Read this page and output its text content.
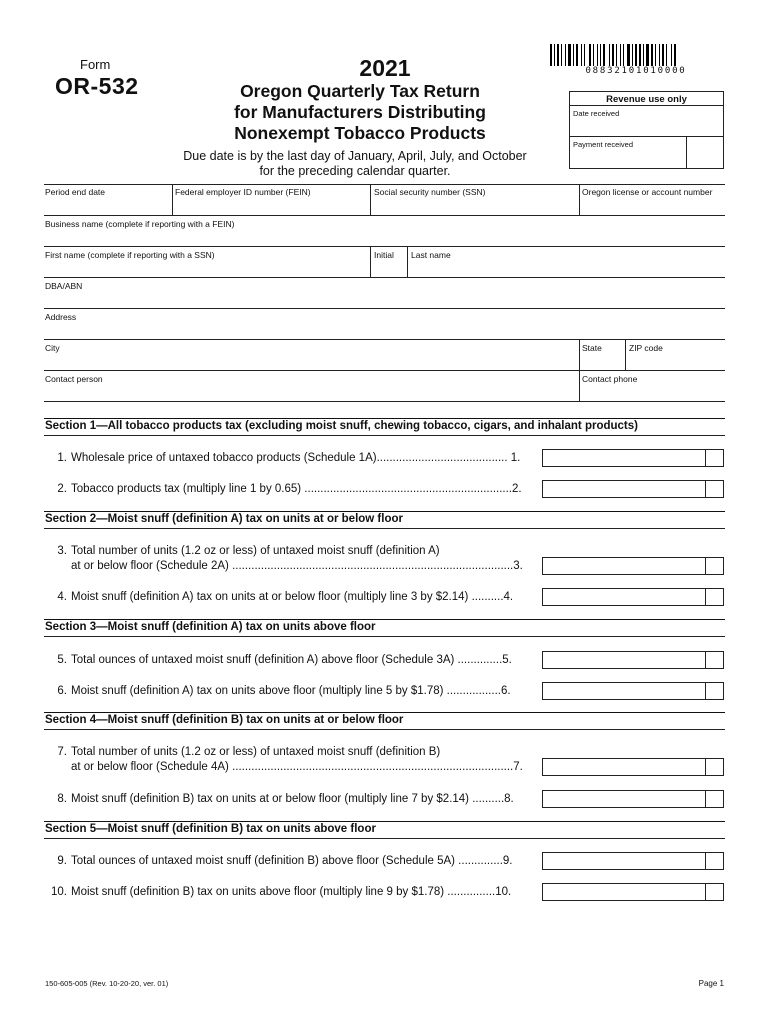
Form
OR-532
2021
Oregon Quarterly Tax Return
for Manufacturers Distributing
Nonexempt Tobacco Products
Due date is by the last day of January, April, July, and October
for the preceding calendar quarter.
08832101010000
Revenue use only
Date received
Payment received
Period end date	Federal employer ID number (FEIN)	Social security number (SSN)	Oregon license or account number
Business name (complete if reporting with a FEIN)
First name (complete if reporting with a SSN)	Initial Last name
DBA/ABN
Address
City	State	ZIP code
Contact person	Contact phone
Section 1—All tobacco products tax (excluding moist snuff, chewing tobacco, cigars, and inhalant products)
1. Wholesale price of untaxed tobacco products (Schedule 1A)......................................... 1.
2. Tobacco products tax (multiply line 1 by 0.65) .................................................................2.
Section 2—Moist snuff (definition A) tax on units at or below floor
3. Total number of units (1.2 oz or less) of untaxed moist snuff (definition A)
at or below floor (Schedule 2A) ........................................................................................3.
4. Moist snuff (definition A) tax on units at or below floor (multiply line 3 by $2.14) ..........4.
Section 3—Moist snuff (definition A) tax on units above floor
5. Total ounces of untaxed moist snuff (definition A) above floor (Schedule 3A) ..............5.
6. Moist snuff (definition A) tax on units above floor (multiply line 5 by $1.78) .................6.
Section 4—Moist snuff (definition B) tax on units at or below floor
7. Total number of units (1.2 oz or less) of untaxed moist snuff (definition B)
at or below floor (Schedule 4A) ........................................................................................7.
8. Moist snuff (definition B) tax on units at or below floor (multiply line 7 by $2.14) ..........8.
Section 5—Moist snuff (definition B) tax on units above floor
9. Total ounces of untaxed moist snuff (definition B) above floor (Schedule 5A) ..............9.
10. Moist snuff (definition B) tax on units above floor (multiply line 9 by $1.78) ...............10.
150-605-005 (Rev. 10-20-20, ver. 01)	Page 1
